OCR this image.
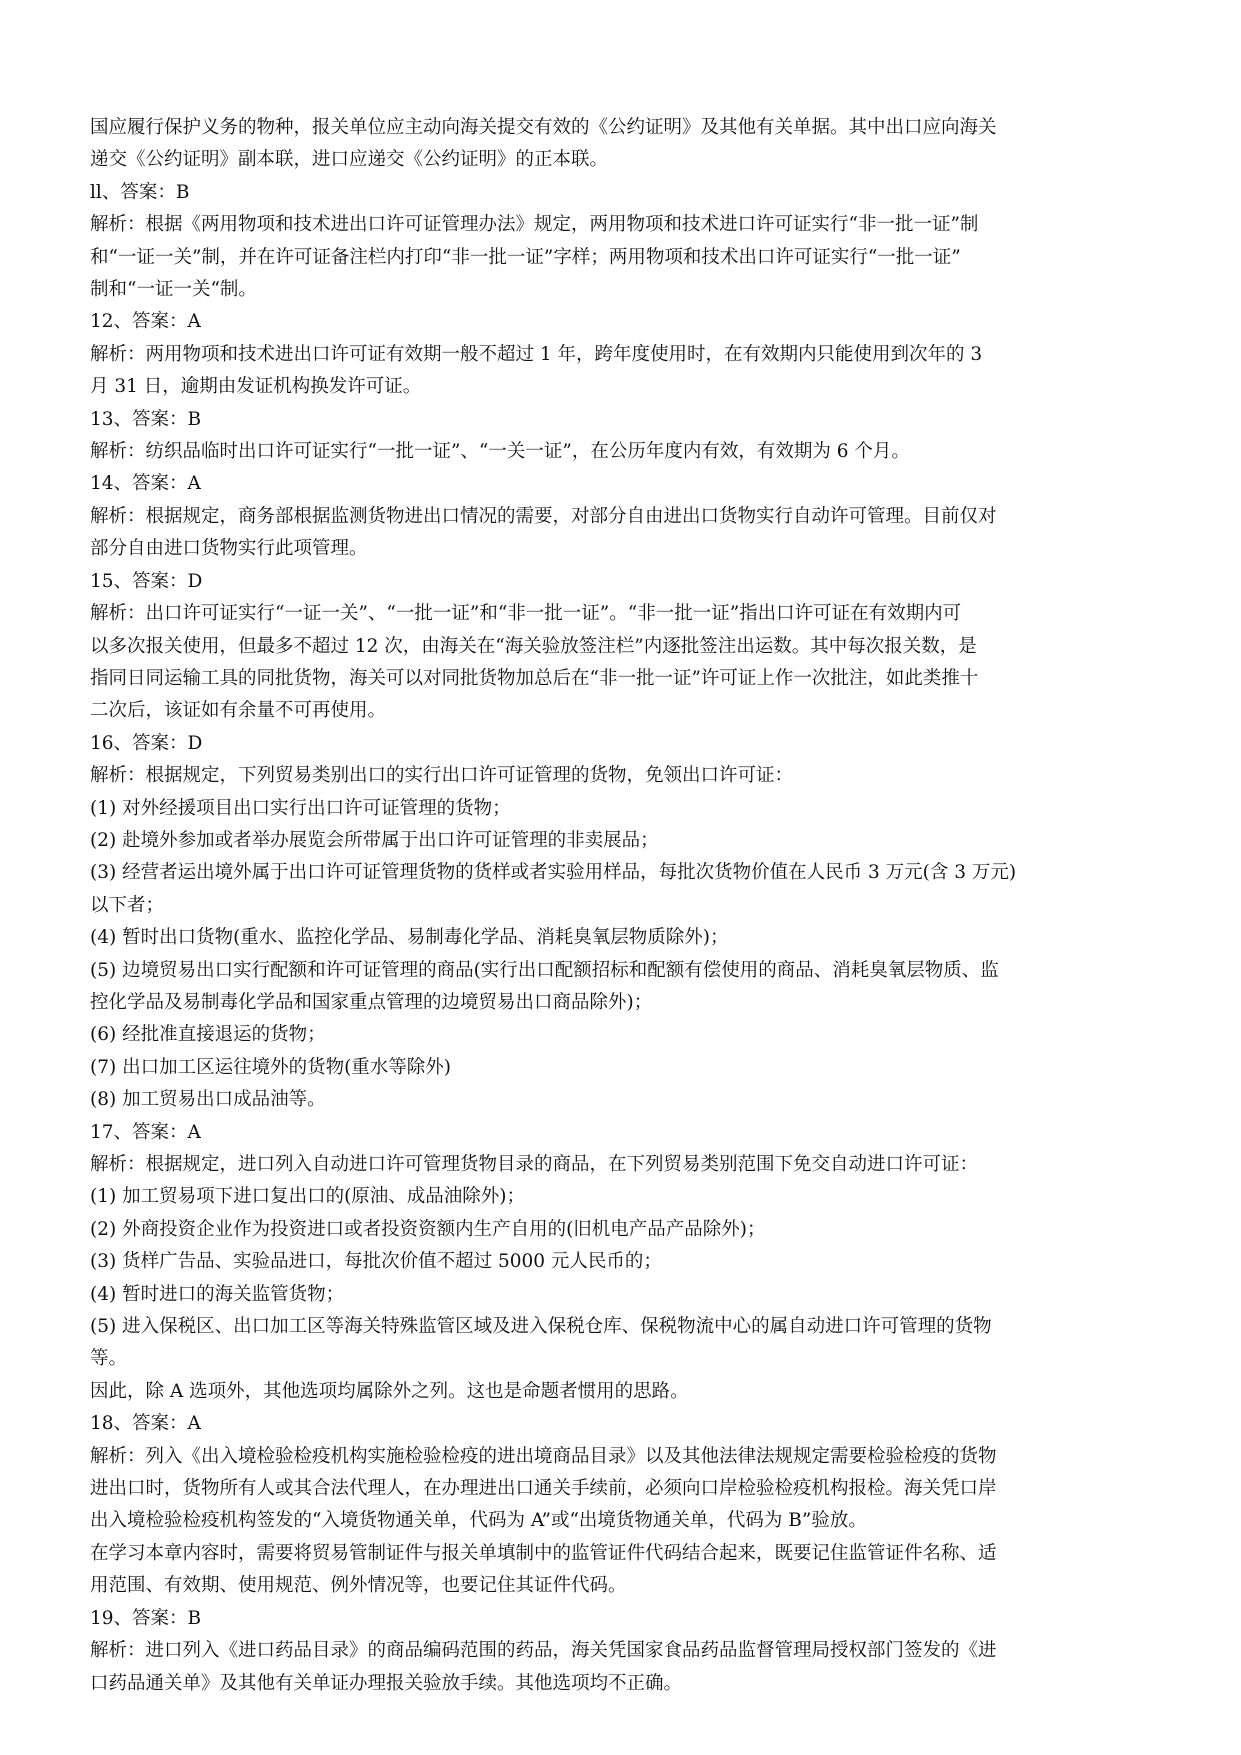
国应履行保护义务的物种，报关单位应主动向海关提交有效的《公约证明》及其他有关单据。其中出口应向海关

递交《公约证明》副本联，进口应递交《公约证明》的正本联。

ll、答案：B

解析：根据《两用物项和技术进出口许可证管理办法》规定，两用物项和技术进口许可证实行“非一批一证”制

和“一证一关”制，并在许可证备注栏内打印“非一批一证”字样；两用物项和技术出口许可证实行“一批一证”

制和“一证一关“制。

12、答案：A

解析：两用物项和技术进出口许可证有效期一般不超过 1 年，跨年度使用时，在有效期内只能使用到次年的 3

月 31 日，逾期由发证机构换发许可证。

13、答案：B

解析：纺织品临时出口许可证实行“一批一证”、“一关一证”，在公历年度内有效，有效期为 6 个月。

14、答案：A

解析：根据规定，商务部根据监测货物进出口情况的需要，对部分自由进出口货物实行自动许可管理。目前仅对

部分自由进口货物实行此项管理。

15、答案：D

解析：出口许可证实行“一证一关”、“一批一证”和“非一批一证”。“非一批一证”指出口许可证在有效期内可

以多次报关使用，但最多不超过 12 次，由海关在“海关验放签注栏”内逐批签注出运数。其中每次报关数，是

指同日同运输工具的同批货物，海关可以对同批货物加总后在“非一批一证”许可证上作一次批注，如此类推十

二次后，该证如有余量不可再使用。

16、答案：D

解析：根据规定，下列贸易类别出口的实行出口许可证管理的货物，免领出口许可证：

(1) 对外经援项目出口实行出口许可证管理的货物；

(2) 赴境外参加或者举办展览会所带属于出口许可证管理的非卖展品；

(3) 经营者运出境外属于出口许可证管理货物的货样或者实验用样品，每批次货物价值在人民币 3 万元(含 3 万元)

以下者；

(4) 暂时出口货物(重水、监控化学品、易制毒化学品、消耗臭氧层物质除外)；

(5) 边境贸易出口实行配额和许可证管理的商品(实行出口配额招标和配额有偿使用的商品、消耗臭氧层物质、监

控化学品及易制毒化学品和国家重点管理的边境贸易出口商品除外)；

(6) 经批准直接退运的货物；

(7) 出口加工区运往境外的货物(重水等除外)

(8) 加工贸易出口成品油等。

17、答案：A

解析：根据规定，进口列入自动进口许可管理货物目录的商品，在下列贸易类别范围下免交自动进口许可证：

(1) 加工贸易项下进口复出口的(原油、成品油除外)；

(2) 外商投资企业作为投资进口或者投资资额内生产自用的(旧机电产品产品除外)；

(3) 货样广告品、实验品进口，每批次价值不超过 5000 元人民币的；

(4) 暂时进口的海关监管货物；

(5) 进入保税区、出口加工区等海关特殊监管区域及进入保税仓库、保税物流中心的属自动进口许可管理的货物

等。

因此，除 A 选项外，其他选项均属除外之列。这也是命题者惯用的思路。

18、答案：A

解析：列入《出入境检验检疫机构实施检验检疫的进出境商品目录》以及其他法律法规规定需要检验检疫的货物

进出口时，货物所有人或其合法代理人，在办理进出口通关手续前，必须向口岸检验检疫机构报检。海关凭口岸

出入境检验检疫机构签发的“入境货物通关单，代码为 A”或“出境货物通关单，代码为 B”验放。

在学习本章内容时，需要将贸易管制证件与报关单填制中的监管证件代码结合起来，既要记住监管证件名称、适

用范围、有效期、使用规范、例外情况等，也要记住其证件代码。

19、答案：B

解析：进口列入《进口药品目录》的商品编码范围的药品，海关凭国家食品药品监督管理局授权部门签发的《进

口药品通关单》及其他有关单证办理报关验放手续。其他选项均不正确。
